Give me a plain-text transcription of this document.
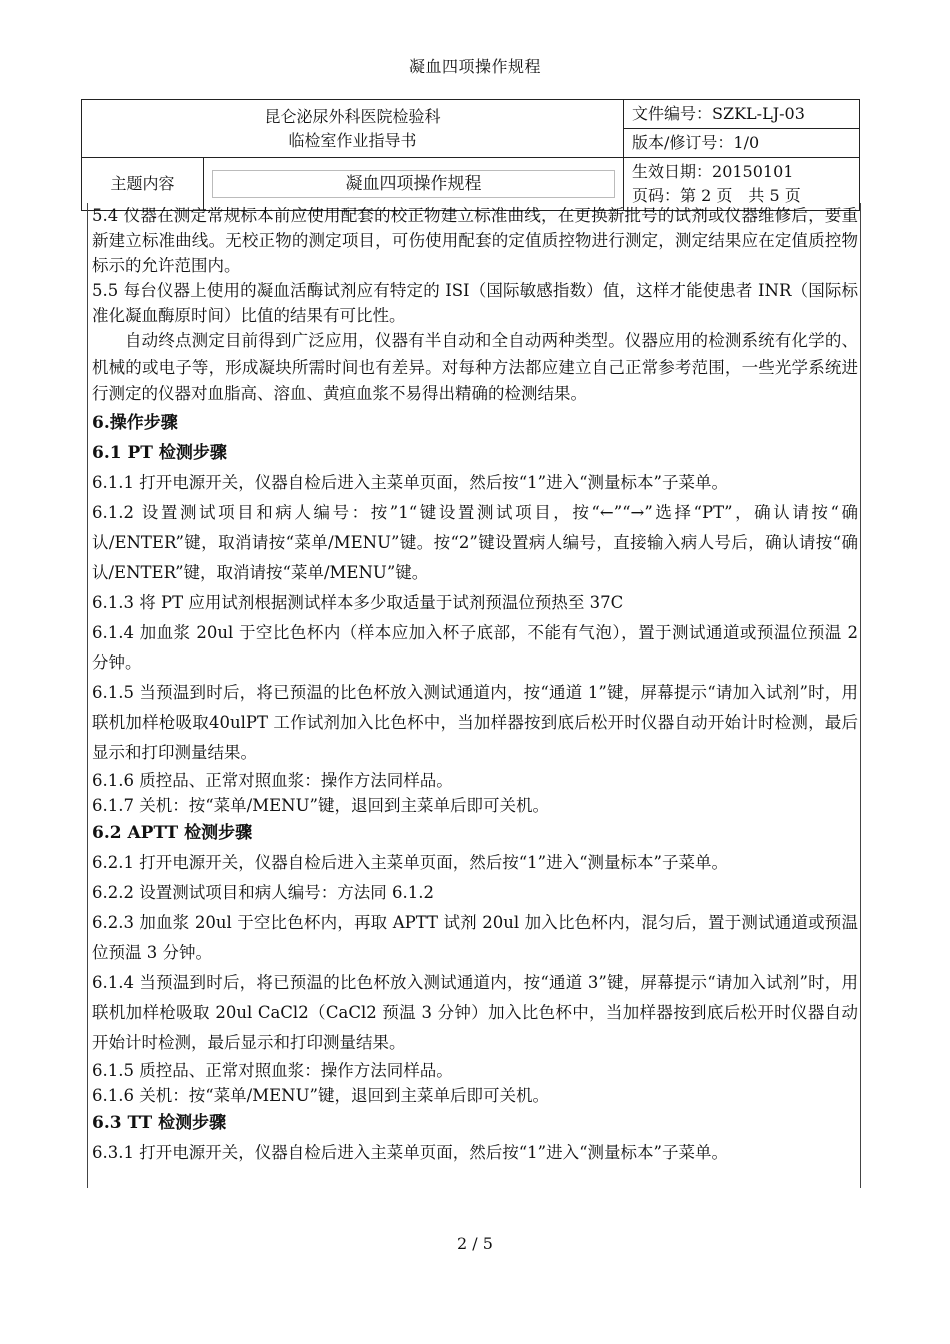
凝血四项操作规程
昆仑泌尿外科医院检验科
临检室作业指导书		文件编号：SZKL-LJ-03
		版本/修订号：1/0
主题内容	凝血四项操作规程	生效日期：20150101
页码：第 2 页　共 5 页

5.4 仪器在测定常规标本前应使用配套的校正物建立标准曲线，在更换新批号的试剂或仪器维修后，要重新建立标准曲线。无校正物的测定项目，可伤使用配套的定值质控物进行测定，测定结果应在定值质控物标示的允许范围内。

5.5 每台仪器上使用的凝血活酶试剂应有特定的 ISI（国际敏感指数）值，这样才能使患者 INR（国际标准化凝血酶原时间）比值的结果有可比性。

自动终点测定目前得到广泛应用，仪器有半自动和全自动两种类型。仪器应用的检测系统有化学的、机械的或电子等，形成凝块所需时间也有差异。对每种方法都应建立自己正常参考范围，一些光学系统进行测定的仪器对血脂高、溶血、黄疸血浆不易得出精确的检测结果。

6.操作步骤

6.1 PT 检测步骤

6.1.1 打开电源开关，仪器自检后进入主菜单页面，然后按“1”进入“测量标本”子菜单。

6.1.2 设置测试项目和病人编号：按”1“键设置测试项目，按“←”“→”选择“PT”，确认请按“确认/ENTER”键，取消请按“菜单/MENU”键。按“2”键设置病人编号，直接输入病人号后，确认请按“确认/ENTER”键，取消请按“菜单/MENU”键。

6.1.3 将 PT 应用试剂根据测试样本多少取适量于试剂预温位预热至 37C

6.1.4 加血浆 20ul 于空比色杯内（样本应加入杯子底部，不能有气泡），置于测试通道或预温位预温 2 分钟。

6.1.5 当预温到时后，将已预温的比色杯放入测试通道内，按“通道 1”键，屏幕提示“请加入试剂”时，用联机加样枪吸取40ulPT 工作试剂加入比色杯中，当加样器按到底后松开时仪器自动开始计时检测，最后显示和打印测量结果。

6.1.6 质控品、正常对照血浆：操作方法同样品。

6.1.7 关机：按“菜单/MENU”键，退回到主菜单后即可关机。

6.2 APTT 检测步骤

6.2.1 打开电源开关，仪器自检后进入主菜单页面，然后按“1”进入“测量标本”子菜单。

6.2.2 设置测试项目和病人编号：方法同 6.1.2

6.2.3 加血浆 20ul 于空比色杯内，再取 APTT 试剂 20ul 加入比色杯内，混匀后，置于测试通道或预温位预温 3 分钟。

6.1.4 当预温到时后，将已预温的比色杯放入测试通道内，按“通道 3”键，屏幕提示“请加入试剂”时，用联机加样枪吸取 20ul CaCl2（CaCl2 预温 3 分钟）加入比色杯中，当加样器按到底后松开时仪器自动开始计时检测，最后显示和打印测量结果。

6.1.5 质控品、正常对照血浆：操作方法同样品。

6.1.6 关机：按“菜单/MENU”键，退回到主菜单后即可关机。

6.3 TT 检测步骤

6.3.1 打开电源开关，仪器自检后进入主菜单页面，然后按“1”进入“测量标本”子菜单。

2 / 5
